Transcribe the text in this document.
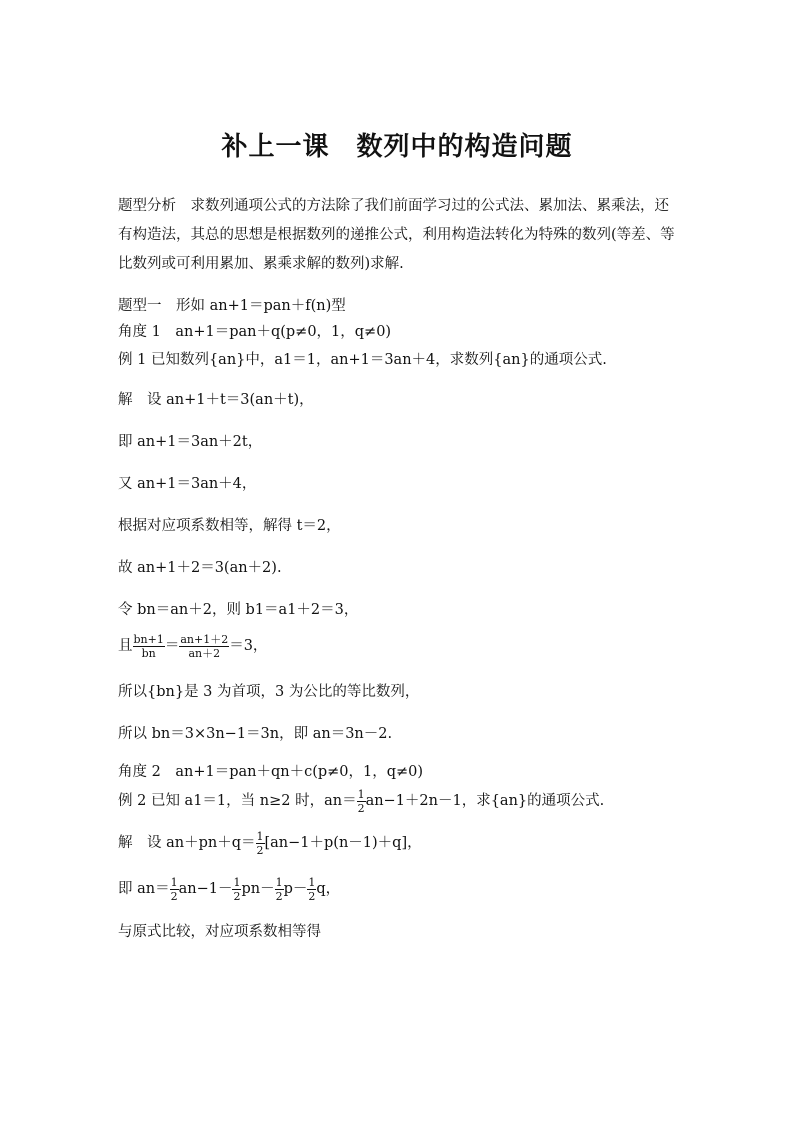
补上一课　数列中的构造问题
题型分析　求数列通项公式的方法除了我们前面学习过的公式法、累加法、累乘法，还有构造法，其总的思想是根据数列的递推公式，利用构造法转化为特殊的数列(等差、等比数列或可利用累加、累乘求解的数列)求解.
题型一　形如 an+1＝pan＋f(n)型
角度 1　an+1＝pan＋q(p≠0，1，q≠0)
例 1 已知数列{an}中，a1＝1，an+1＝3an＋4，求数列{an}的通项公式.
解　设 an+1＋t＝3(an＋t)，
即 an+1＝3an＋2t，
又 an+1＝3an＋4，
根据对应项系数相等，解得 t＝2，
故 an+1＋2＝3(an＋2).
令 bn＝an＋2，则 b1＝a1＋2＝3，
且 $\frac{bn+1}{bn} = \frac{an+1+2}{an+2} =3$，
所以{bn}是 3 为首项，3 为公比的等比数列，
所以 bn＝3×3n−1＝3n，即 an＝3n－2.
角度 2　an+1＝pan＋qn＋c(p≠0，1，q≠0)
例 2 已知 a1＝1，当 n≥2 时，$an= \frac{1}{2} an-1+2n-1$，求{an}的通项公式.
解　设 $an+pn+q= \frac{1}{2} [an-1+p(n-1)+q]$，
即 $an= \frac{1}{2} an-1- \frac{1}{2} pn- \frac{1}{2} p- \frac{1}{2}$ q，
与原式比较，对应项系数相等得
